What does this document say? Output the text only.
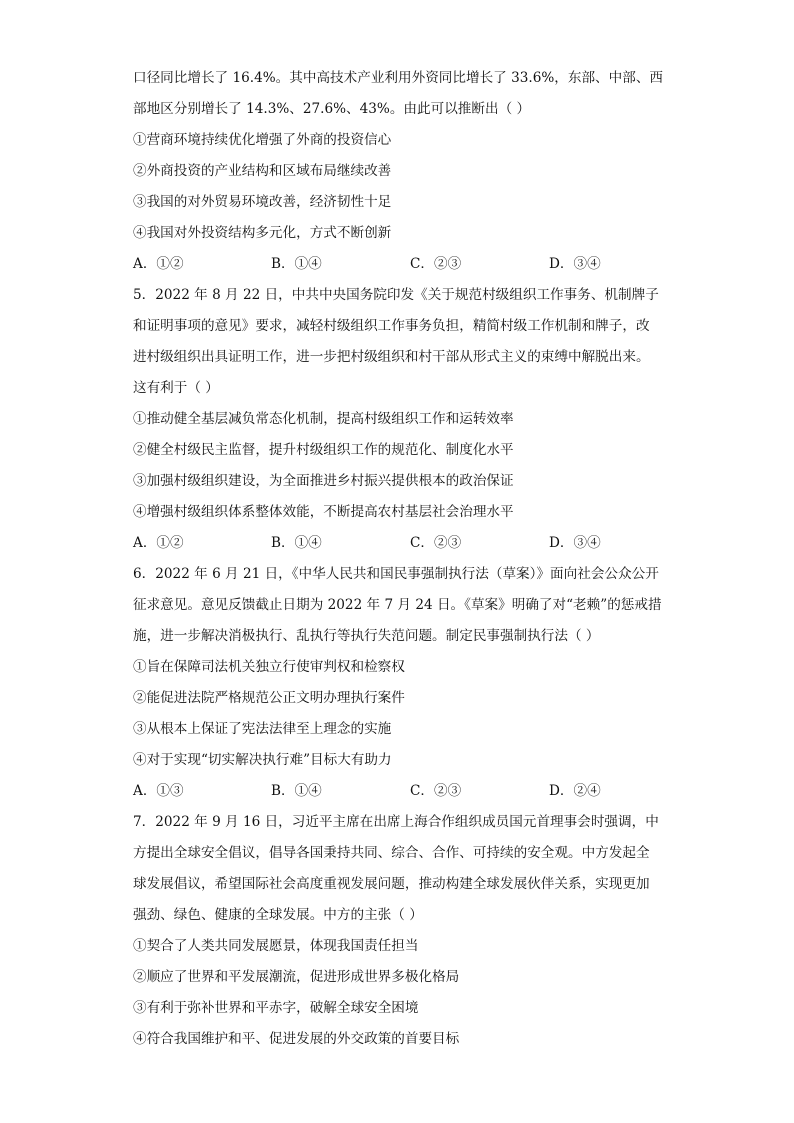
口径同比增长了 16.4%。其中高技术产业利用外资同比增长了 33.6%，东部、中部、西

部地区分别增长了 14.3%、27.6%、43%。由此可以推断出（ ）

①营商环境持续优化增强了外商的投资信心

②外商投资的产业结构和区域布局继续改善

③我国的对外贸易环境改善，经济韧性十足

④我国对外投资结构多元化，方式不断创新

A．①②	B．①④	C．②③	D．③④

5．2022 年 8 月 22 日，中共中央国务院印发《关于规范村级组织工作事务、机制牌子

和证明事项的意见》要求，减轻村级组织工作事务负担，精简村级工作机制和牌子，改

进村级组织出具证明工作，进一步把村级组织和村干部从形式主义的束缚中解脱出来。

这有利于（ ）

①推动健全基层减负常态化机制，提高村级组织工作和运转效率

②健全村级民主监督，提升村级组织工作的规范化、制度化水平

③加强村级组织建设，为全面推进乡村振兴提供根本的政治保证

④增强村级组织体系整体效能，不断提高农村基层社会治理水平

A．①②	B．①④	C．②③	D．③④

6．2022 年 6 月 21 日，《中华人民共和国民事强制执行法（草案）》面向社会公众公开

征求意见。意见反馈截止日期为 2022 年 7 月 24 日。《草案》明确了对“老赖”的惩戒措

施，进一步解决消极执行、乱执行等执行失范问题。制定民事强制执行法（ ）

①旨在保障司法机关独立行使审判权和检察权

②能促进法院严格规范公正文明办理执行案件

③从根本上保证了宪法法律至上理念的实施

④对于实现“切实解决执行难”目标大有助力

A．①③	B．①④	C．②③	D．②④

7．2022 年 9 月 16 日，习近平主席在出席上海合作组织成员国元首理事会时强调，中

方提出全球安全倡议，倡导各国秉持共同、综合、合作、可持续的安全观。中方发起全

球发展倡议，希望国际社会高度重视发展问题，推动构建全球发展伙伴关系，实现更加

强劲、绿色、健康的全球发展。中方的主张（ ）

①契合了人类共同发展愿景，体现我国责任担当

②顺应了世界和平发展潮流，促进形成世界多极化格局

③有利于弥补世界和平赤字，破解全球安全困境

④符合我国维护和平、促进发展的外交政策的首要目标
